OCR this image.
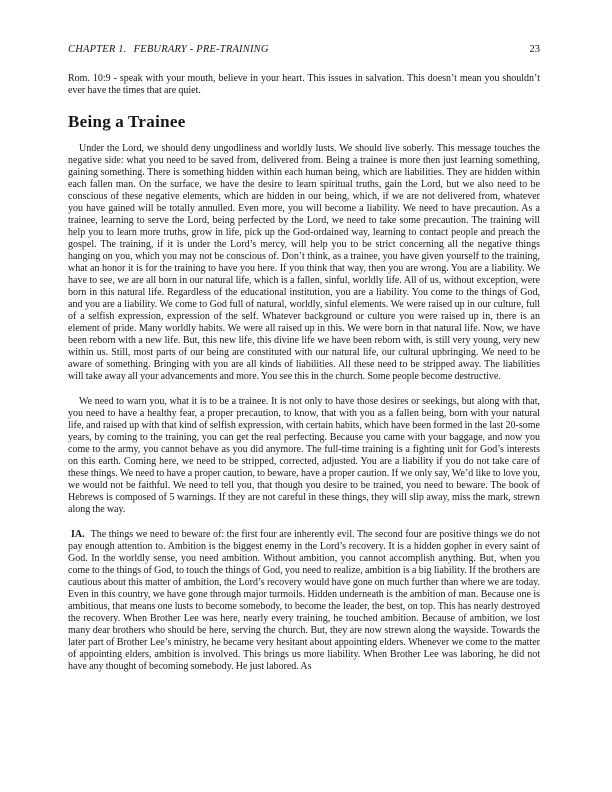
CHAPTER 1. FEBURARY - PRE-TRAINING	23

Rom. 10:9 - speak with your mouth, believe in your heart. This issues in salvation. This doesn’t mean you shouldn’t ever have the times that are quiet.

Being a Trainee

Under the Lord, we should deny ungodliness and worldly lusts. We should live soberly. This message touches the negative side: what you need to be saved from, delivered from. Being a trainee is more then just learning something, gaining something. There is something hidden within each human being, which are liabilities. They are hidden within each fallen man. On the surface, we have the desire to learn spiritual truths, gain the Lord, but we also need to be conscious of these negative elements, which are hidden in our being, which, if we are not delivered from, whatever you have gained will be totally annulled. Even more, you will become a liability. We need to have precaution. As a trainee, learning to serve the Lord, being perfected by the Lord, we need to take some precaution. The training will help you to learn more truths, grow in life, pick up the God-ordained way, learning to contact people and preach the gospel. The training, if it is under the Lord’s mercy, will help you to be strict concerning all the negative things hanging on you, which you may not be conscious of. Don’t think, as a trainee, you have given yourself to the training, what an honor it is for the training to have you here. If you think that way, then you are wrong. You are a liability. We have to see, we are all born in our natural life, which is a fallen, sinful, worldly life. All of us, without exception, were born in this natural life. Regardless of the educational institution, you are a liability. You come to the things of God, and you are a liability. We come to God full of natural, worldly, sinful elements. We were raised up in our culture, full of a selfish expression, expression of the self. Whatever background or culture you were raised up in, there is an element of pride. Many worldly habits. We were all raised up in this. We were born in that natural life. Now, we have been reborn with a new life. But, this new life, this divine life we have been reborn with, is still very young, very new within us. Still, most parts of our being are constituted with our natural life, our cultural upbringing. We need to be aware of something. Bringing with you are all kinds of liabilities. All these need to be stripped away. The liabilities will take away all your advancements and more. You see this in the church. Some people become destructive.

We need to warn you, what it is to be a trainee. It is not only to have those desires or seekings, but along with that, you need to have a healthy fear, a proper precaution, to know, that with you as a fallen being, born with your natural life, and raised up with that kind of selfish expression, with certain habits, which have been formed in the last 20-some years, by coming to the training, you can get the real perfecting. Because you came with your baggage, and now you come to the army, you cannot behave as you did anymore. The full-time training is a fighting unit for God’s interests on this earth. Coming here, we need to be stripped, corrected, adjusted. You are a liability if you do not take care of these things. We need to have a proper caution, to beware, have a proper caution. If we only say, We’d like to love you, we would not be faithful. We need to tell you, that though you desire to be trained, you need to beware. The book of Hebrews is composed of 5 warnings. If they are not careful in these things, they will slip away, miss the mark, strewn along the way.

IA. The things we need to beware of: the first four are inherently evil. The second four are positive things we do not pay enough attention to. Ambition is the biggest enemy in the Lord’s recovery. It is a hidden gopher in every saint of God. In the worldly sense, you need ambition. Without ambition, you cannot accomplish anything. But, when you come to the things of God, to touch the things of God, you need to realize, ambition is a big liability. If the brothers are cautious about this matter of ambition, the Lord’s recovery would have gone on much further than where we are today. Even in this country, we have gone through major turmoils. Hidden underneath is the ambition of man. Because one is ambitious, that means one lusts to become somebody, to become the leader, the best, on top. This has nearly destroyed the recovery. When Brother Lee was here, nearly every training, he touched ambition. Because of ambition, we lost many dear brothers who should be here, serving the church. But, they are now strewn along the wayside. Towards the later part of Brother Lee’s ministry, he became very hesitant about appointing elders. Whenever we come to the matter of appointing elders, ambition is involved. This brings us more liability. When Brother Lee was laboring, he did not have any thought of becoming somebody. He just labored. As
